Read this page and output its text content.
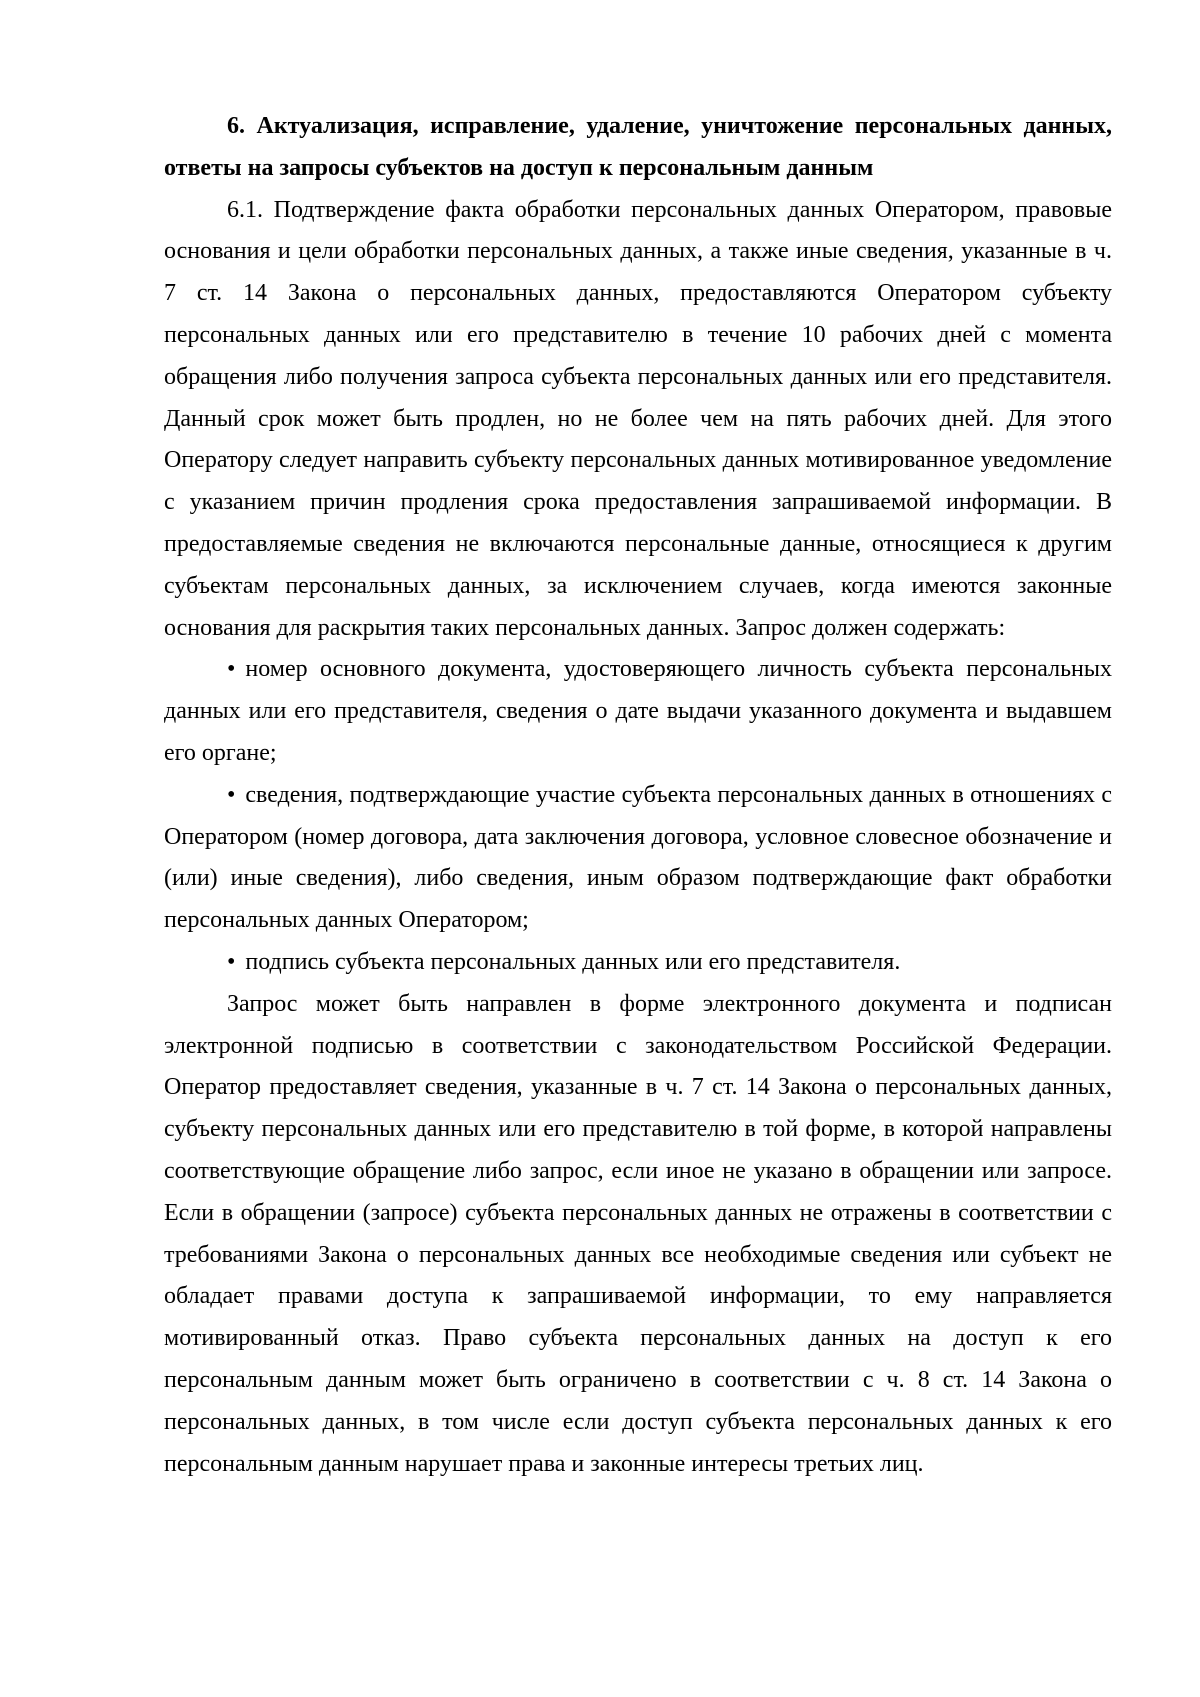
6. Актуализация, исправление, удаление, уничтожение персональных данных, ответы на запросы субъектов на доступ к персональным данным

6.1. Подтверждение факта обработки персональных данных Оператором, правовые основания и цели обработки персональных данных, а также иные сведения, указанные в ч. 7 ст. 14 Закона о персональных данных, предоставляются Оператором субъекту персональных данных или его представителю в течение 10 рабочих дней с момента обращения либо получения запроса субъекта персональных данных или его представителя. Данный срок может быть продлен, но не более чем на пять рабочих дней. Для этого Оператору следует направить субъекту персональных данных мотивированное уведомление с указанием причин продления срока предоставления запрашиваемой информации. В предоставляемые сведения не включаются персональные данные, относящиеся к другим субъектам персональных данных, за исключением случаев, когда имеются законные основания для раскрытия таких персональных данных. Запрос должен содержать:

• номер основного документа, удостоверяющего личность субъекта персональных данных или его представителя, сведения о дате выдачи указанного документа и выдавшем его органе;

• сведения, подтверждающие участие субъекта персональных данных в отношениях с Оператором (номер договора, дата заключения договора, условное словесное обозначение и (или) иные сведения), либо сведения, иным образом подтверждающие факт обработки персональных данных Оператором;

• подпись субъекта персональных данных или его представителя.

Запрос может быть направлен в форме электронного документа и подписан электронной подписью в соответствии с законодательством Российской Федерации. Оператор предоставляет сведения, указанные в ч. 7 ст. 14 Закона о персональных данных, субъекту персональных данных или его представителю в той форме, в которой направлены соответствующие обращение либо запрос, если иное не указано в обращении или запросе. Если в обращении (запросе) субъекта персональных данных не отражены в соответствии с требованиями Закона о персональных данных все необходимые сведения или субъект не обладает правами доступа к запрашиваемой информации, то ему направляется мотивированный отказ. Право субъекта персональных данных на доступ к его персональным данным может быть ограничено в соответствии с ч. 8 ст. 14 Закона о персональных данных, в том числе если доступ субъекта персональных данных к его персональным данным нарушает права и законные интересы третьих лиц.
